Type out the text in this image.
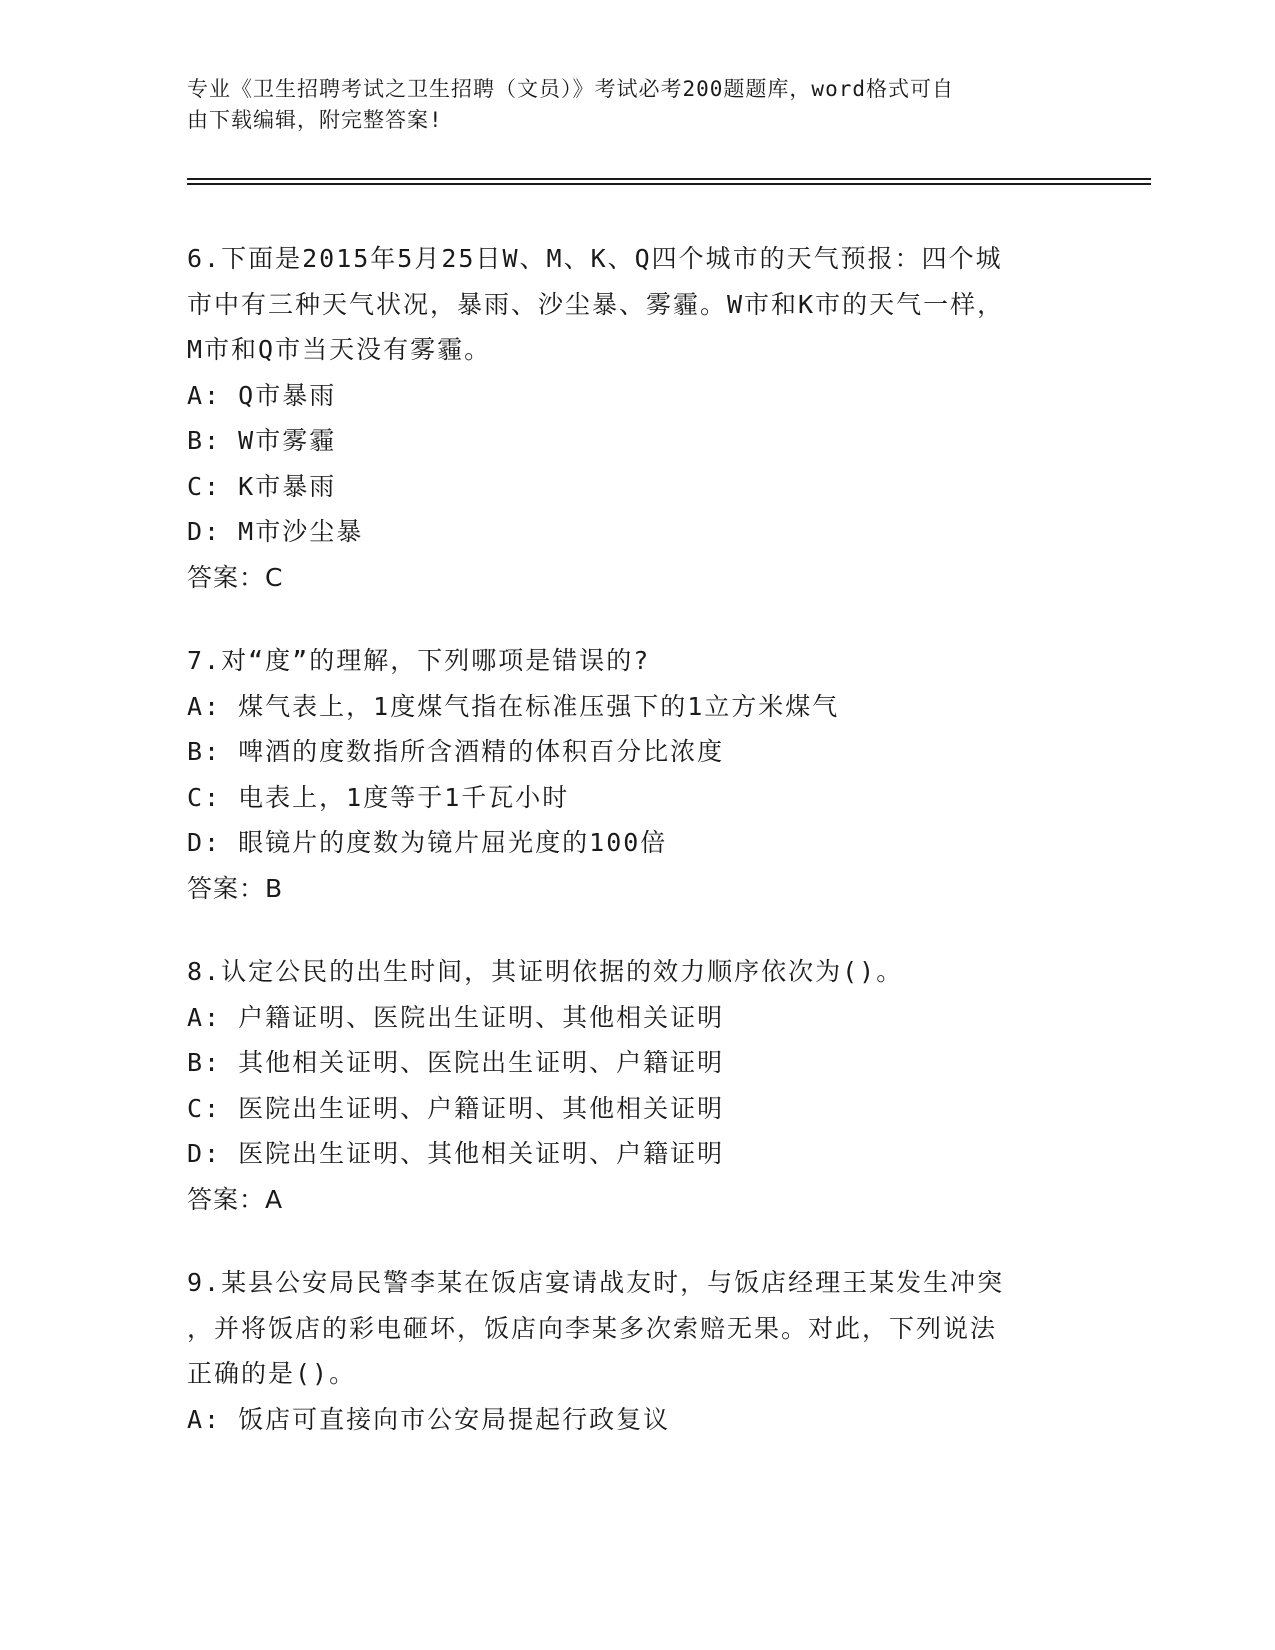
专业《卫生招聘考试之卫生招聘（文员）》考试必考200题题库，word格式可自
由下载编辑，附完整答案!
6.下面是2015年5月25日W、M、K、Q四个城市的天气预报：四个城
市中有三种天气状况，暴雨、沙尘暴、雾霾。W市和K市的天气一样，
M市和Q市当天没有雾霾。
A: Q市暴雨
B: W市雾霾
C: K市暴雨
D: M市沙尘暴
答案：C
7.对“度”的理解，下列哪项是错误的?
A: 煤气表上，1度煤气指在标准压强下的1立方米煤气
B: 啤酒的度数指所含酒精的体积百分比浓度
C: 电表上，1度等于1千瓦小时
D: 眼镜片的度数为镜片屈光度的100倍
答案：B
8.认定公民的出生时间，其证明依据的效力顺序依次为()。
A: 户籍证明、医院出生证明、其他相关证明
B: 其他相关证明、医院出生证明、户籍证明
C: 医院出生证明、户籍证明、其他相关证明
D: 医院出生证明、其他相关证明、户籍证明
答案：A
9.某县公安局民警李某在饭店宴请战友时，与饭店经理王某发生冲突
，并将饭店的彩电砸坏，饭店向李某多次索赔无果。对此，下列说法
正确的是()。
A: 饭店可直接向市公安局提起行政复议
